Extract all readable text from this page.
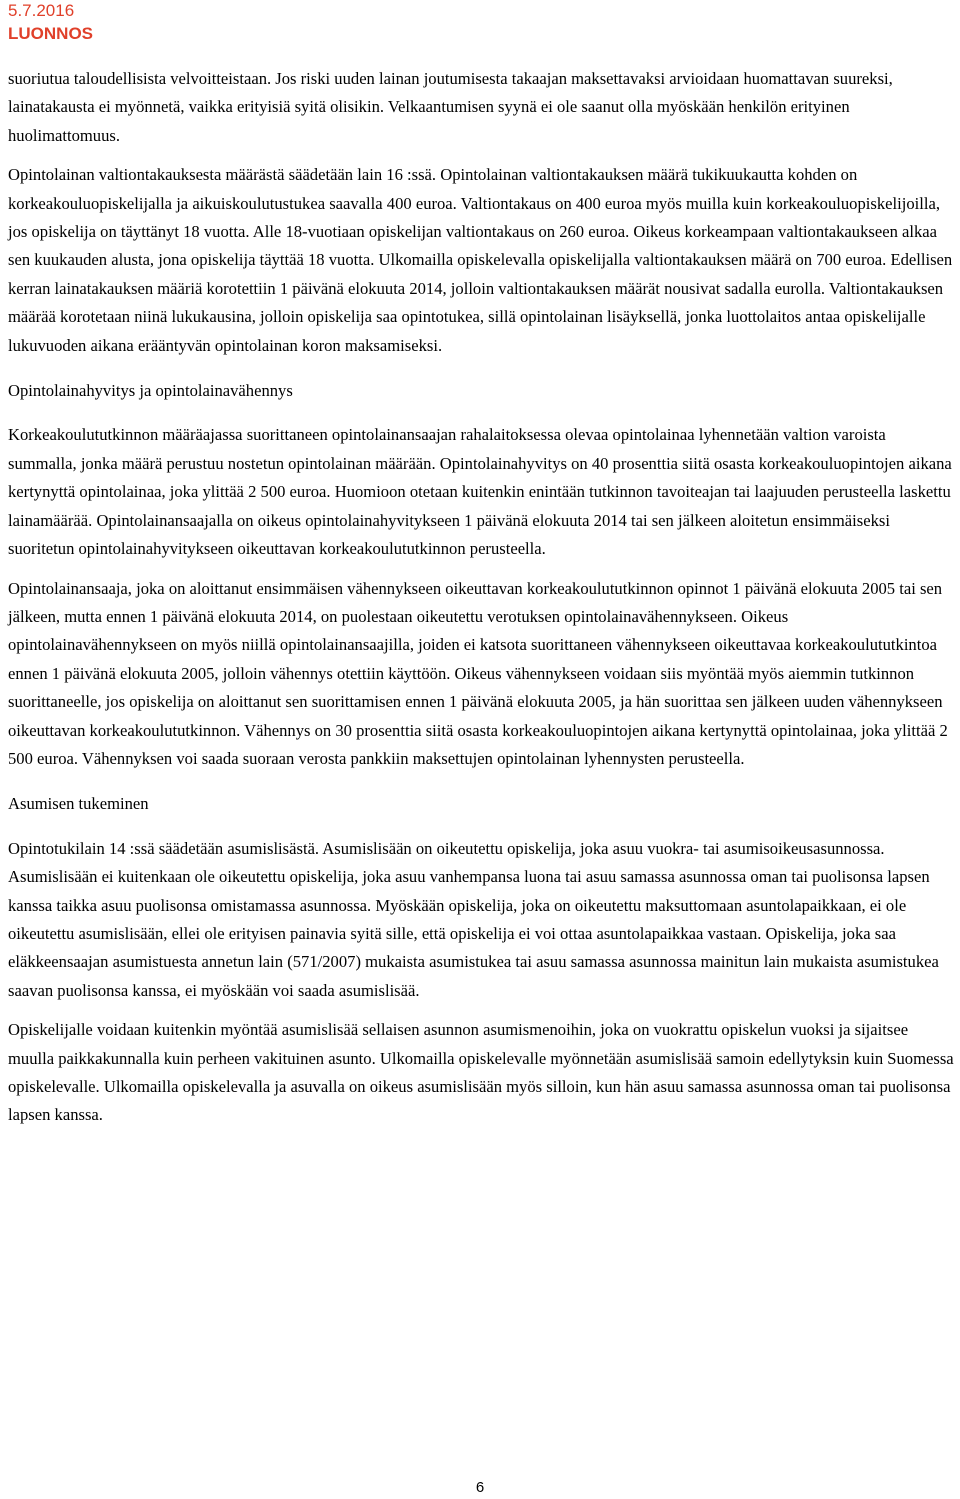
5.7.2016
LUONNOS

suoriutua taloudellisista velvoitteistaan. Jos riski uuden lainan joutumisesta takaajan maksettavaksi arvioidaan huomattavan suureksi, lainatakausta ei myönnetä, vaikka erityisiä syitä olisikin. Velkaantumisen syynä ei ole saanut olla myöskään henkilön erityinen huolimattomuus.

Opintolainan valtiontakauksesta määrästä säädetään lain 16 :ssä. Opintolainan valtiontakauksen määrä tukikuukautta kohden on korkeakouluopiskelijalla ja aikuiskoulutustukea saavalla 400 euroa. Valtiontakaus on 400 euroa myös muilla kuin korkeakouluopiskelijoilla, jos opiskelija on täyttänyt 18 vuotta. Alle 18-vuotiaan opiskelijan valtiontakaus on 260 euroa. Oikeus korkeampaan valtiontakaukseen alkaa sen kuukauden alusta, jona opiskelija täyttää 18 vuotta. Ulkomailla opiskelevalla opiskelijalla valtiontakauksen määrä on 700 euroa. Edellisen kerran lainatakauksen määriä korotettiin 1 päivänä elokuuta 2014, jolloin valtiontakauksen määrät nousivat sadalla eurolla. Valtiontakauksen määrää korotetaan niinä lukukausina, jolloin opiskelija saa opintotukea, sillä opintolainan lisäyksellä, jonka luottolaitos antaa opiskelijalle lukuvuoden aikana erääntyvän opintolainan koron maksamiseksi.

Opintolainahyvitys ja opintolainavähennys

Korkeakoulututkinnon määräajassa suorittaneen opintolainansaajan rahalaitoksessa olevaa opintolainaa lyhennetään valtion varoista summalla, jonka määrä perustuu nostetun opintolainan määrään. Opintolainahyvitys on 40 prosenttia siitä osasta korkeakouluopintojen aikana kertynyttä opintolainaa, joka ylittää 2 500 euroa. Huomioon otetaan kuitenkin enintään tutkinnon tavoiteajan tai laajuuden perusteella laskettu lainamäärää. Opintolainansaajalla on oikeus opintolainahyvitykseen 1 päivänä elokuuta 2014 tai sen jälkeen aloitetun ensimmäiseksi suoritetun opintolainahyvitykseen oikeuttavan korkeakoulututkinnon perusteella.

Opintolainansaaja, joka on aloittanut ensimmäisen vähennykseen oikeuttavan korkeakoulututkinnon opinnot 1 päivänä elokuuta 2005 tai sen jälkeen, mutta ennen 1 päivänä elokuuta 2014, on puolestaan oikeutettu verotuksen opintolainavähennykseen. Oikeus opintolainavähennykseen on myös niillä opintolainansaajilla, joiden ei katsota suorittaneen vähennykseen oikeuttavaa korkeakoulututkintoa ennen 1 päivänä elokuuta 2005, jolloin vähennys otettiin käyttöön. Oikeus vähennykseen voidaan siis myöntää myös aiemmin tutkinnon suorittaneelle, jos opiskelija on aloittanut sen suorittamisen ennen 1 päivänä elokuuta 2005, ja hän suorittaa sen jälkeen uuden vähennykseen oikeuttavan korkeakoulututkinnon. Vähennys on 30 prosenttia siitä osasta korkeakouluopintojen aikana kertynyttä opintolainaa, joka ylittää 2 500 euroa. Vähennyksen voi saada suoraan verosta pankkiin maksettujen opintolainan lyhennysten perusteella.

Asumisen tukeminen

Opintotukilain 14 :ssä säädetään asumislisästä. Asumislisään on oikeutettu opiskelija, joka asuu vuokra- tai asumisoikeusasunnossa. Asumislisään ei kuitenkaan ole oikeutettu opiskelija, joka asuu vanhempansa luona tai asuu samassa asunnossa oman tai puolisonsa lapsen kanssa taikka asuu puolisonsa omistamassa asunnossa. Myöskään opiskelija, joka on oikeutettu maksuttomaan asuntolapaikkaan, ei ole oikeutettu asumislisään, ellei ole erityisen painavia syitä sille, että opiskelija ei voi ottaa asuntolapaikkaa vastaan. Opiskelija, joka saa eläkkeensaajan asumistuesta annetun lain (571/2007) mukaista asumistukea tai asuu samassa asunnossa mainitun lain mukaista asumistukea saavan puolisonsa kanssa, ei myöskään voi saada asumislisää.

Opiskelijalle voidaan kuitenkin myöntää asumislisää sellaisen asunnon asumismenoihin, joka on vuokrattu opiskelun vuoksi ja sijaitsee muulla paikkakunnalla kuin perheen vakituinen asunto. Ulkomailla opiskelevalle myönnetään asumislisää samoin edellytyksin kuin Suomessa opiskelevalle. Ulkomailla opiskelevalla ja asuvalla on oikeus asumislisään myös silloin, kun hän asuu samassa asunnossa oman tai puolisonsa lapsen kanssa.

6
